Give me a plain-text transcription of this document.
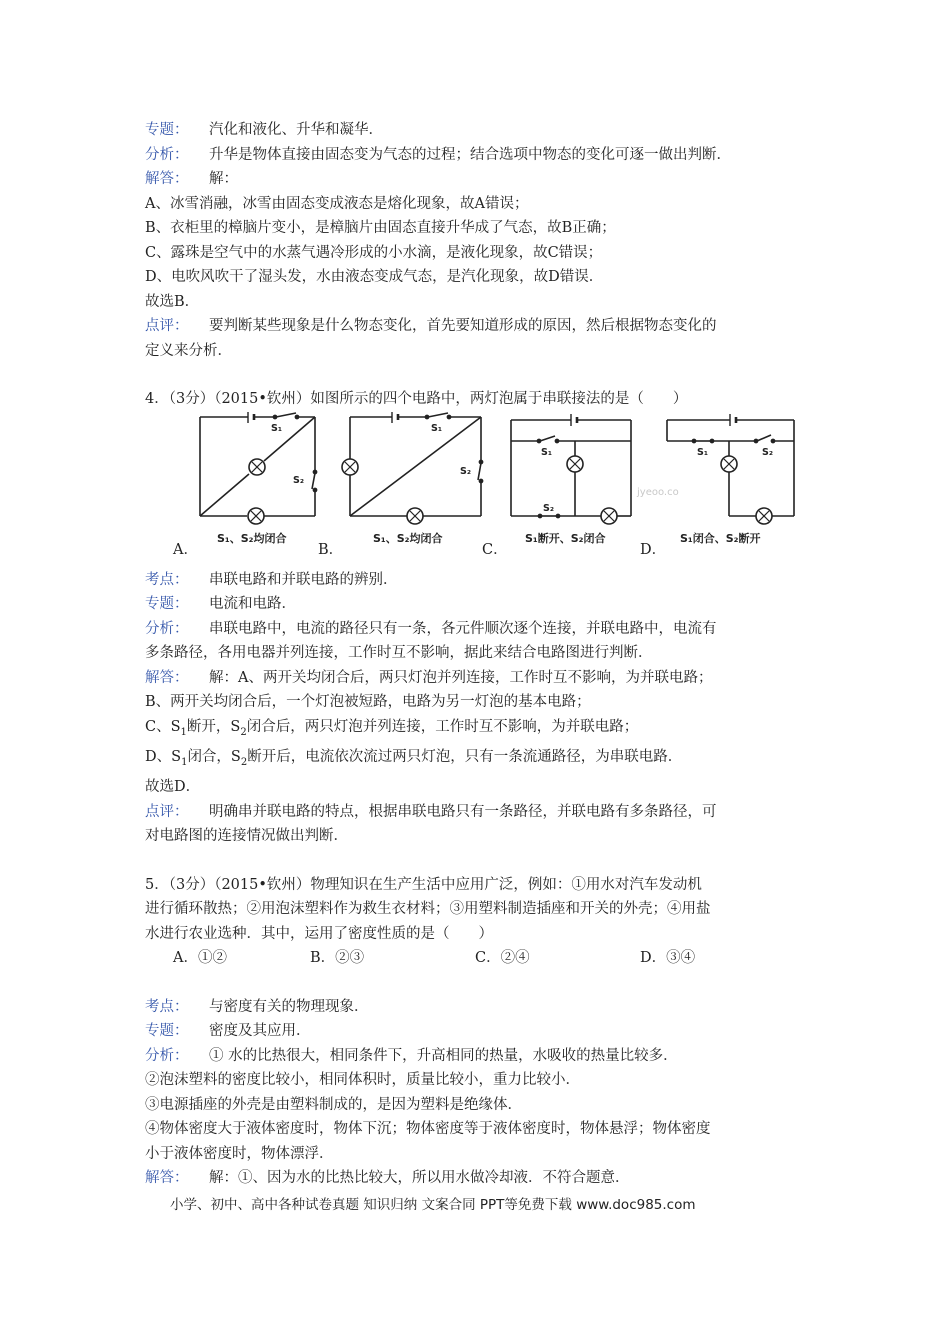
专题： 汽化和液化、升华和凝华．
分析： 升华是物体直接由固态变为气态的过程；结合选项中物态的变化可逐一做出判断．
解答： 解：
A、冰雪消融，冰雪由固态变成液态是熔化现象，故A错误；
B、衣柜里的樟脑片变小，是樟脑片由固态直接升华成了气态，故B正确；
C、露珠是空气中的水蒸气遇冷形成的小水滴，是液化现象，故C错误；
D、电吹风吹干了湿头发，水由液态变成气态，是汽化现象，故D错误．
故选B．
点评： 要判断某些现象是什么物态变化，首先要知道形成的原因，然后根据物态变化的
定义来分析．
4．（3分）（2015•钦州）如图所示的四个电路中，两灯泡属于串联接法的是（　　）
A．	B．	C．	D．
S₁
S₂
S₁
S₂
S₁
S₂
S₁	S₂
S₁、S₂均闭合	S₁、S₂均闭合	S₁断开、S₂闭合	S₁闭合、S₂断开
jyeoo.co
考点： 串联电路和并联电路的辨别．
专题： 电流和电路．
分析： 串联电路中，电流的路径只有一条，各元件顺次逐个连接，并联电路中，电流有
多条路径，各用电器并列连接，工作时互不影响，据此来结合电路图进行判断．
解答： 解：A、两开关均闭合后，两只灯泡并列连接，工作时互不影响，为并联电路；
B、两开关均闭合后，一个灯泡被短路，电路为另一灯泡的基本电路；
C、$S_1$断开，$S_2$闭合后，两只灯泡并列连接，工作时互不影响，为并联电路；
D、$S_1$闭合，$S_2$断开后，电流依次流过两只灯泡，只有一条流通路径，为串联电路．
故选D．
点评： 明确串并联电路的特点，根据串联电路只有一条路径，并联电路有多条路径，可
对电路图的连接情况做出判断．
5．（3分）（2015•钦州）物理知识在生产生活中应用广泛，例如：①用水对汽车发动机
进行循环散热；②用泡沫塑料作为救生衣材料；③用塑料制造插座和开关的外壳；④用盐
水进行农业选种．其中，运用了密度性质的是（　　）
A．①②	B．②③	C．②④	D．③④
考点： 与密度有关的物理现象．
专题： 密度及其应用．
分析： ① 水的比热很大，相同条件下，升高相同的热量，水吸收的热量比较多．
②泡沫塑料的密度比较小，相同体积时，质量比较小，重力比较小．
③电源插座的外壳是由塑料制成的，是因为塑料是绝缘体．
④物体密度大于液体密度时，物体下沉；物体密度等于液体密度时，物体悬浮；物体密度
小于液体密度时，物体漂浮．
解答： 解：①、因为水的比热比较大，所以用水做冷却液．不符合题意．
小学、初中、高中各种试卷真题 知识归纳 文案合同 PPT等免费下载 www.doc985.com
